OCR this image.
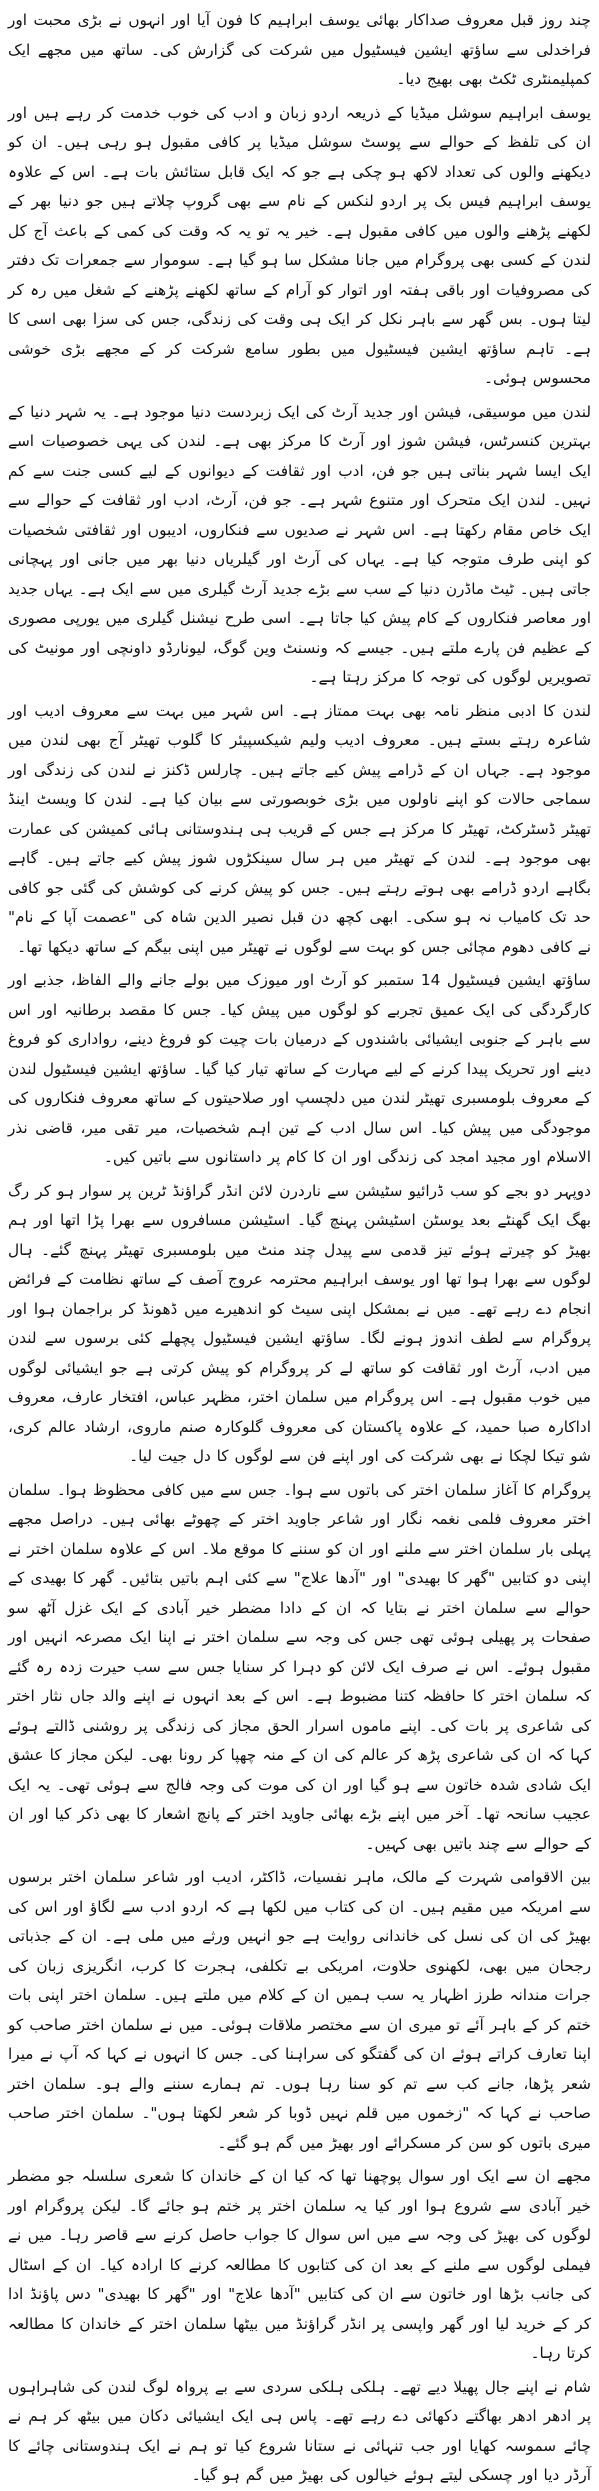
چند روز قبل معروف صداکار بھائی یوسف ابراہیم کا فون آیا اور انہوں نے بڑی محبت اور فراخدلی سے ساؤتھ ایشین فیسٹیول میں شرکت کی گزارش کی۔ ساتھ میں مجھے ایک کمپلیمنٹری ٹکٹ بھی بھیج دیا۔

یوسف ابراہیم سوشل میڈیا کے ذریعہ اردو زبان و ادب کی خوب خدمت کر رہے ہیں اور ان کی تلفظ کے حوالے سے پوسٹ سوشل میڈیا پر کافی مقبول ہو رہی ہیں۔ ان کو دیکھنے والوں کی تعداد لاکھ ہو چکی ہے جو کہ ایک قابل ستائش بات ہے۔ اس کے علاوہ یوسف ابراہیم فیس بک پر اردو لنکس کے نام سے بھی گروپ چلاتے ہیں جو دنیا بھر کے لکھنے پڑھنے والوں میں کافی مقبول ہے۔ خیر یہ تو یہ کہ وقت کی کمی کے باعث آج کل لندن کے کسی بھی پروگرام میں جانا مشکل سا ہو گیا ہے۔ سوموار سے جمعرات تک دفتر کی مصروفیات اور باقی ہفتہ اور اتوار کو آرام کے ساتھ لکھنے پڑھنے کے شغل میں رہ کر لیتا ہوں۔ بس گھر سے باہر نکل کر ایک ہی وقت کی زندگی، جس کی سزا بھی اسی کا ہے۔ تاہم ساؤتھ ایشین فیسٹیول میں بطور سامع شرکت کر کے مجھے بڑی خوشی محسوس ہوئی۔

لندن میں موسیقی، فیشن اور جدید آرٹ کی ایک زبردست دنیا موجود ہے۔ یہ شہر دنیا کے بہترین کنسرٹس، فیشن شوز اور آرٹ کا مرکز بھی ہے۔ لندن کی یہی خصوصیات اسے ایک ایسا شہر بناتی ہیں جو فن، ادب اور ثقافت کے دیوانوں کے لیے کسی جنت سے کم نہیں۔ لندن ایک متحرک اور متنوع شہر ہے۔ جو فن، آرٹ، ادب اور ثقافت کے حوالے سے ایک خاص مقام رکھتا ہے۔ اس شہر نے صدیوں سے فنکاروں، ادیبوں اور ثقافتی شخصیات کو اپنی طرف متوجہ کیا ہے۔ یہاں کی آرٹ اور گیلریاں دنیا بھر میں جانی اور پہچانی جاتی ہیں۔ ٹیٹ ماڈرن دنیا کے سب سے بڑے جدید آرٹ گیلری میں سے ایک ہے۔ یہاں جدید اور معاصر فنکاروں کے کام پیش کیا جاتا ہے۔ اسی طرح نیشنل گیلری میں یورپی مصوری کے عظیم فن پارے ملتے ہیں۔ جیسے کہ ونسنٹ وین گوگ، لیونارڈو داونچی اور مونیٹ کی تصویریں لوگوں کی توجہ کا مرکز رہتا ہے۔

لندن کا ادبی منظر نامہ بھی بہت ممتاز ہے۔ اس شہر میں بہت سے معروف ادیب اور شاعرہ رہتے بستے ہیں۔ معروف ادیب ولیم شیکسپیئر کا گلوب تھیٹر آج بھی لندن میں موجود ہے۔ جہاں ان کے ڈرامے پیش کیے جاتے ہیں۔ چارلس ڈکنز نے لندن کی زندگی اور سماجی حالات کو اپنے ناولوں میں بڑی خوبصورتی سے بیان کیا ہے۔ لندن کا ویسٹ اینڈ تھیٹر ڈسٹرکٹ، تھیٹر کا مرکز ہے جس کے قریب ہی ہندوستانی ہائی کمیشن کی عمارت بھی موجود ہے۔ لندن کے تھیٹر میں ہر سال سینکڑوں شوز پیش کیے جاتے ہیں۔ گاہے بگاہے اردو ڈرامے بھی ہوتے رہتے ہیں۔ جس کو پیش کرنے کی کوشش کی گئی جو کافی حد تک کامیاب نہ ہو سکی۔ ابھی کچھ دن قبل نصیر الدین شاہ کی "عصمت آپا کے نام" نے کافی دھوم مچائی جس کو بہت سے لوگوں نے تھیٹر میں اپنی بیگم کے ساتھ دیکھا تھا۔

ساؤتھ ایشین فیسٹیول 14 ستمبر کو آرٹ اور میوزک میں بولے جانے والے الفاظ، جذبے اور کارگردگی کی ایک عمیق تجربے کو لوگوں میں پیش کیا۔ جس کا مقصد برطانیہ اور اس سے باہر کے جنوبی ایشیائی باشندوں کے درمیان بات چیت کو فروغ دینے، رواداری کو فروغ دینے اور تحریک پیدا کرنے کے لیے مہارت کے ساتھ تیار کیا گیا۔ ساؤتھ ایشین فیسٹیول لندن کے معروف بلومسبری تھیٹر لندن میں دلچسپ اور صلاحیتوں کے ساتھ معروف فنکاروں کی موجودگی میں پیش کیا۔ اس سال ادب کے تین اہم شخصیات، میر تقی میر، قاضی نذر الاسلام اور مجید امجد کی زندگی اور ان کا کام پر داستانوں سے باتیں کیں۔

دوپہر دو بجے کو سب ڈرائیو سٹیشن سے ناردرن لائن انڈر گراؤنڈ ٹرین پر سوار ہو کر رگ بھگ ایک گھنٹے بعد یوسٹن اسٹیشن پہنچ گیا۔ اسٹیشن مسافروں سے بھرا پڑا اتھا اور ہم بھیڑ کو چیرتے ہوئے تیز قدمی سے پیدل چند منٹ میں بلومسبری تھیٹر پہنچ گئے۔ ہال لوگوں سے بھرا ہوا تھا اور یوسف ابراہیم محترمہ عروج آصف کے ساتھ نظامت کے فرائض انجام دے رہے تھے۔ میں نے بمشکل اپنی سیٹ کو اندھیرے میں ڈھونڈ کر براجمان ہوا اور پروگرام سے لطف اندوز ہونے لگا۔ ساؤتھ ایشین فیسٹیول پچھلے کئی برسوں سے لندن میں ادب، آرٹ اور ثقافت کو ساتھ لے کر پروگرام کو پیش کرتی ہے جو ایشیائی لوگوں میں خوب مقبول ہے۔ اس پروگرام میں سلمان اختر، مظہر عباس، افتخار عارف، معروف اداکارہ صبا حمید، کے علاوہ پاکستان کی معروف گلوکارہ صنم ماروی، ارشاد عالم کری، شو تیکا لچکا نے بھی شرکت کی اور اپنے فن سے لوگوں کا دل جیت لیا۔

پروگرام کا آغاز سلمان اختر کی باتوں سے ہوا۔ جس سے میں کافی محظوظ ہوا۔ سلمان اختر معروف فلمی نغمہ نگار اور شاعر جاوید اختر کے چھوٹے بھائی ہیں۔ دراصل مجھے پہلی بار سلمان اختر سے ملنے اور ان کو سننے کا موقع ملا۔ اس کے علاوہ سلمان اختر نے اپنی دو کتابیں "گھر کا بھیدی" اور "آدھا علاج" سے کئی اہم باتیں بتائیں۔ گھر کا بھیدی کے حوالے سے سلمان اختر نے بتایا کہ ان کے دادا مضطر خیر آبادی کے ایک غزل آٹھ سو صفحات پر پھیلی ہوئی تھی جس کی وجہ سے سلمان اختر نے اپنا ایک مصرعہ انہیں اور مقبول ہوئے۔ اس نے صرف ایک لائن کو دہرا کر سنایا جس سے سب حیرت زدہ رہ گئے کہ سلمان اختر کا حافظہ کتنا مضبوط ہے۔ اس کے بعد انہوں نے اپنے والد جاں نثار اختر کی شاعری پر بات کی۔ اپنے ماموں اسرار الحق مجاز کی زندگی پر روشنی ڈالتے ہوئے کہا کہ ان کی شاعری پڑھ کر عالم کی ان کے منہ چھپا کر رونا بھی۔ لیکن مجاز کا عشق ایک شادی شدہ خاتون سے ہو گیا اور ان کی موت کی وجہ فالج سے ہوئی تھی۔ یہ ایک عجیب سانحہ تھا۔ آخر میں اپنے بڑے بھائی جاوید اختر کے پانچ اشعار کا بھی ذکر کیا اور ان کے حوالے سے چند باتیں بھی کہیں۔

بین الاقوامی شہرت کے مالک، ماہر نفسیات، ڈاکٹر، ادیب اور شاعر سلمان اختر برسوں سے امریکہ میں مقیم ہیں۔ ان کی کتاب میں لکھا ہے کہ اردو ادب سے لگاؤ اور اس کی بھیڑ کی ان کی نسل کی خاندانی روایت ہے جو انہیں ورثے میں ملی ہے۔ ان کے جذباتی رجحان میں بھی، لکھنوی حلاوت، امریکی بے تکلفی، ہجرت کا کرب، انگریزی زبان کی جرات مندانہ طرز اظہار یہ سب ہمیں ان کے کلام میں ملتے ہیں۔ سلمان اختر اپنی بات ختم کر کے باہر آئے تو میری ان سے مختصر ملاقات ہوئی۔ میں نے سلمان اختر صاحب کو اپنا تعارف کراتے ہوئے ان کی گفتگو کی سراہنا کی۔ جس کا انہوں نے کہا کہ آپ نے میرا شعر پڑھا، جانے کب سے تم کو سنا رہا ہوں۔ تم ہمارے سننے والے ہو۔ سلمان اختر صاحب نے کہا کہ "زخموں میں قلم نہیں ڈوبا کر شعر لکھتا ہوں"۔ سلمان اختر صاحب میری باتوں کو سن کر مسکرائے اور بھیڑ میں گم ہو گئے۔

مجھے ان سے ایک اور سوال پوچھنا تھا کہ کیا ان کے خاندان کا شعری سلسلہ جو مضطر خیر آبادی سے شروع ہوا اور کیا یہ سلمان اختر پر ختم ہو جائے گا۔ لیکن پروگرام اور لوگوں کی بھیڑ کی وجہ سے میں اس سوال کا جواب حاصل کرنے سے قاصر رہا۔ میں نے فیملی لوگوں سے ملنے کے بعد ان کی کتابوں کا مطالعہ کرنے کا ارادہ کیا۔ ان کے اسٹال کی جانب بڑھا اور خاتون سے ان کی کتابیں "آدھا علاج" اور "گھر کا بھیدی" دس پاؤنڈ ادا کر کے خرید لیا اور گھر واپسی پر انڈر گراؤنڈ میں بیٹھا سلمان اختر کے خاندان کا مطالعہ کرتا رہا۔

شام نے اپنے جال پھیلا دیے تھے۔ ہلکی ہلکی سردی سے بے پرواہ لوگ لندن کی شاہراہوں پر ادھر ادھر بھاگتے دکھائی دے رہے تھے۔ پاس ہی ایک ایشیائی دکان میں بیٹھ کر ہم نے چائے سموسہ کھایا اور جب تنہائی نے ستانا شروع کیا تو ہم نے ایک ہندوستانی چائے کا آرڈر دیا اور چسکی لیتے ہوئے خیالوں کی بھیڑ میں گم ہو گیا۔
